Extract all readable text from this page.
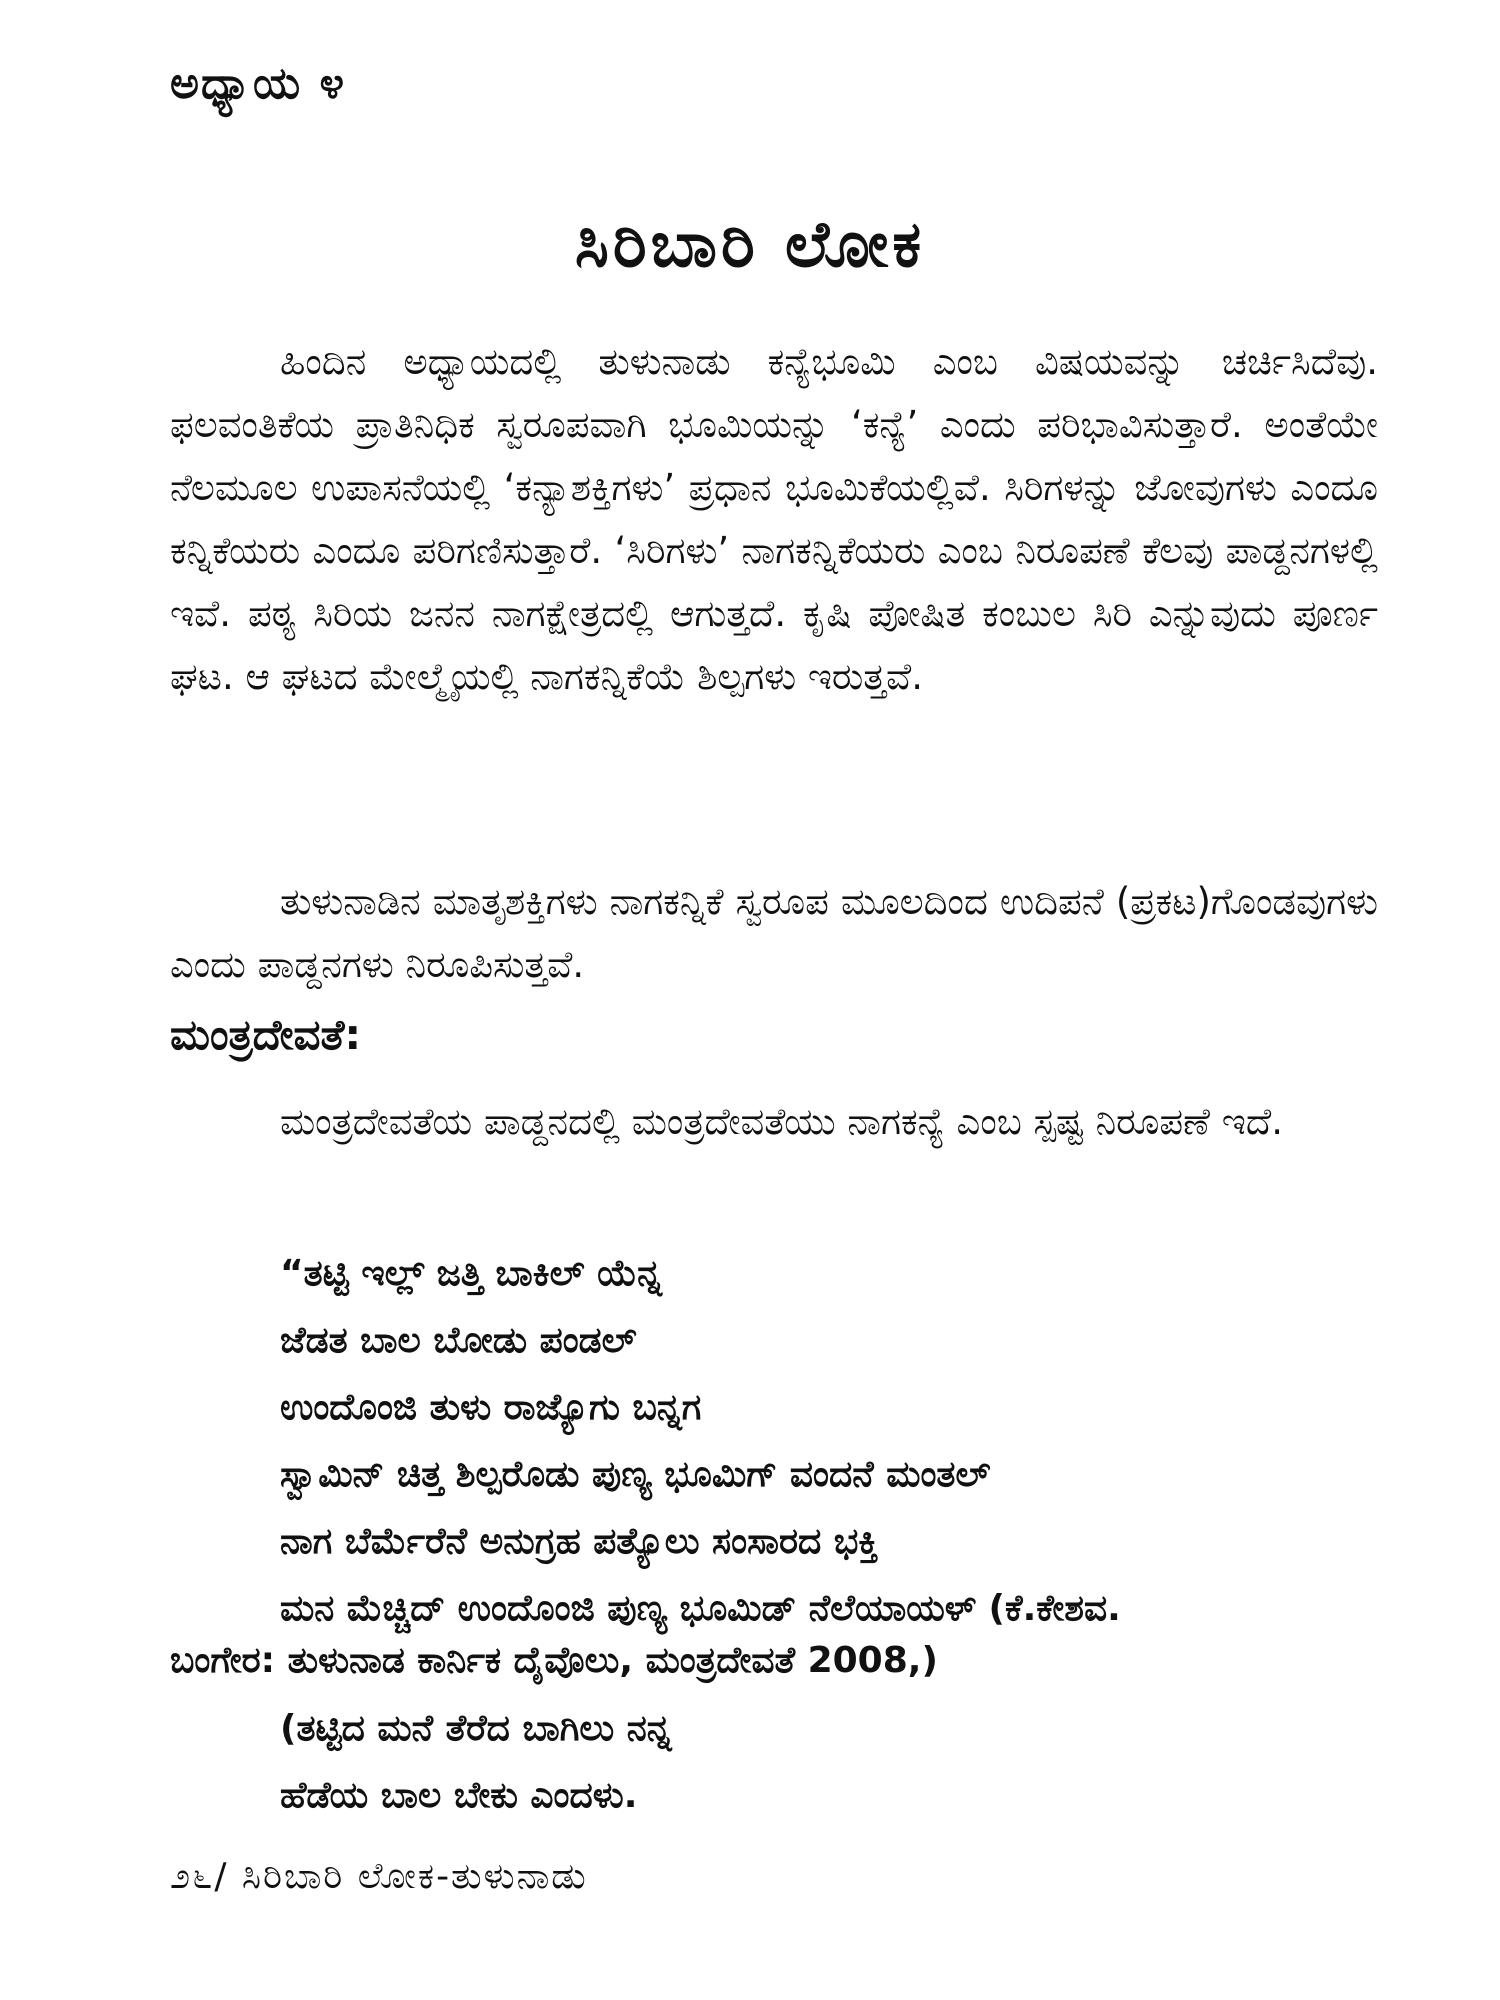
ಅಧ್ಯಾಯ ೪
ಸಿರಿಬಾರಿ ಲೋಕ

ಹಿಂದಿನ ಅಧ್ಯಾಯದಲ್ಲಿ ತುಳುನಾಡು ಕನ್ಯೆಭೂಮಿ ಎಂಬ ವಿಷಯವನ್ನು ಚರ್ಚಿಸಿದೆವು. ಫಲವಂತಿಕೆಯ ಪ್ರಾತಿನಿಧಿಕ ಸ್ವರೂಪವಾಗಿ ಭೂಮಿಯನ್ನು ‘ಕನ್ಯೆ’ ಎಂದು ಪರಿಭಾವಿಸುತ್ತಾರೆ. ಅಂತೆಯೇ ನೆಲಮೂಲ ಉಪಾಸನೆಯಲ್ಲಿ ‘ಕನ್ಯಾಶಕ್ತಿಗಳು’ ಪ್ರಧಾನ ಭೂಮಿಕೆಯಲ್ಲಿವೆ. ಸಿರಿಗಳನ್ನು ಜೋವುಗಳು ಎಂದೂ ಕನ್ನಿಕೆಯರು ಎಂದೂ ಪರಿಗಣಿಸುತ್ತಾರೆ. ‘ಸಿರಿಗಳು’ ನಾಗಕನ್ನಿಕೆಯರು ಎಂಬ ನಿರೂಪಣೆ ಕೆಲವು ಪಾಡ್ದನಗಳಲ್ಲಿ ಇವೆ. ಪಠ್ಯ ಸಿರಿಯ ಜನನ ನಾಗಕ್ಷೇತ್ರದಲ್ಲಿ ಆಗುತ್ತದೆ. ಕೃಷಿ ಪೋಷಿತ ಕಂಬುಲ ಸಿರಿ ಎನ್ನುವುದು ಪೂರ್ಣ ಘಟ. ಆ ಘಟದ ಮೇಲ್ಮೈಯಲ್ಲಿ ನಾಗಕನ್ನಿಕೆಯೆ ಶಿಲ್ಪಗಳು ಇರುತ್ತವೆ.

ತುಳುನಾಡಿನ ಮಾತೃಶಕ್ತಿಗಳು ನಾಗಕನ್ನಿಕೆ ಸ್ವರೂಪ ಮೂಲದಿಂದ ಉದಿಪನೆ (ಪ್ರಕಟ)ಗೊಂಡವುಗಳು ಎಂದು ಪಾಡ್ದನಗಳು ನಿರೂಪಿಸುತ್ತವೆ.

ಮಂತ್ರದೇವತೆ:

ಮಂತ್ರದೇವತೆಯ ಪಾಡ್ದನದಲ್ಲಿ ಮಂತ್ರದೇವತೆಯು ನಾಗಕನ್ಯೆ ಎಂಬ ಸ್ಪಷ್ಟ ನಿರೂಪಣೆ ಇದೆ.

“ತಟ್ಟಿ ಇಲ್ಲ್ ಜತ್ತಿ ಬಾಕಿಲ್ ಯೆನ್ನ
ಜೆಡತ ಬಾಲ ಬೋಡು ಪಂಡಲ್
ಉಂದೊಂಜಿ ತುಳು ರಾಜ್ಯೊಗು ಬನ್ನಗ
ಸ್ವಾಮಿನ್ ಚಿತ್ತ ಶಿಲ್ಪರೊಡು ಪುಣ್ಯ ಭೂಮಿಗ್ ವಂದನೆ ಮಂತಲ್
ನಾಗ ಬೆರ್ಮೆರೆನೆ ಅನುಗ್ರಹ ಪತ್ಯೊಲು ಸಂಸಾರದ ಭಕ್ತಿ
ಮನ ಮೆಚ್ಚಿದ್ ಉಂದೊಂಜಿ ಪುಣ್ಯ ಭೂಮಿಡ್ ನೆಲೆಯಾಯಳ್ (ಕೆ.ಕೇಶವ.
ಬಂಗೇರ: ತುಳುನಾಡ ಕಾರ್ನಿಕ ದೈವೊಲು, ಮಂತ್ರದೇವತೆ 2008,)
(ತಟ್ಟಿದ ಮನೆ ತೆರೆದ ಬಾಗಿಲು ನನ್ನ
ಹೆಡೆಯ ಬಾಲ ಬೇಕು ಎಂದಳು.
೨೬/ ಸಿರಿಬಾರಿ ಲೋಕ-ತುಳುನಾಡು
